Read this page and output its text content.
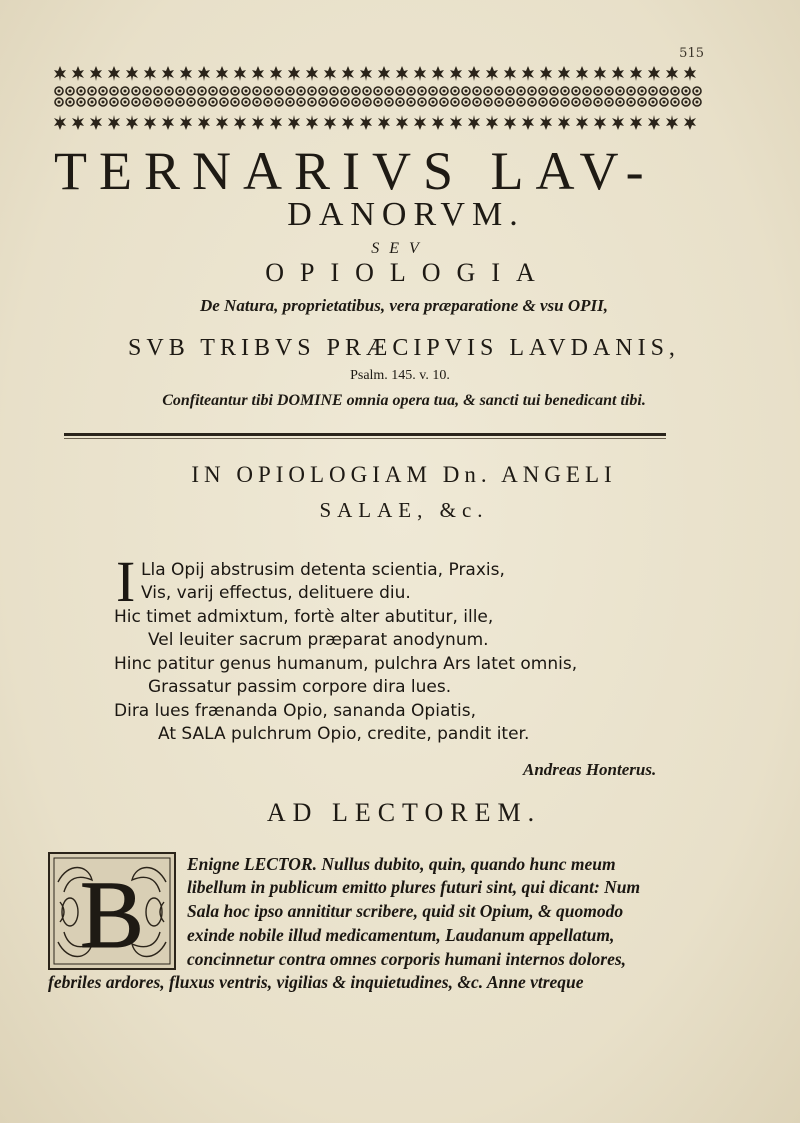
515
TERNARIVS LAV-
DANORVM.
SEV
OPIOLOGIA
De Natura, proprietatibus, vera præparatione & vsu OPII,
SVB TRIBVS PRÆCIPVIS LAVDANIS,
Psalm. 145. v. 10.
Confiteantur tibi DOMINE omnia opera tua, & sancti tui benedicant tibi.
IN OPIOLOGIAM Dn. ANGELI
SALAE, &c.
I Lla Opij abstrusim detenta scientia, Praxis,
Vis, varij effectus, delituere diu.
Hic timet admixtum, fortè alter abutitur, ille,
Vel leuiter sacrum præparat anodynum.
Hinc patitur genus humanum, pulchra Ars latet omnis,
Grassatur passim corpore dira lues.
Dira lues frænanda Opio, sananda Opiatis,
At SALA pulchrum Opio, credite, pandit iter.
Andreas Honterus.
AD LECTOREM.
B Enigne LECTOR. Nullus dubito, quin, quando hunc meum
libellum in publicum emitto plures futuri sint, qui dicant: Num
Sala hoc ipso annititur scribere, quid sit Opium, & quomodo
exinde nobile illud medicamentum, Laudanum appellatum,
concinnetur contra omnes corporis humani internos dolores,
febriles ardores, fluxus ventris, vigilias & inquietudines, &c. Anne vtreque
